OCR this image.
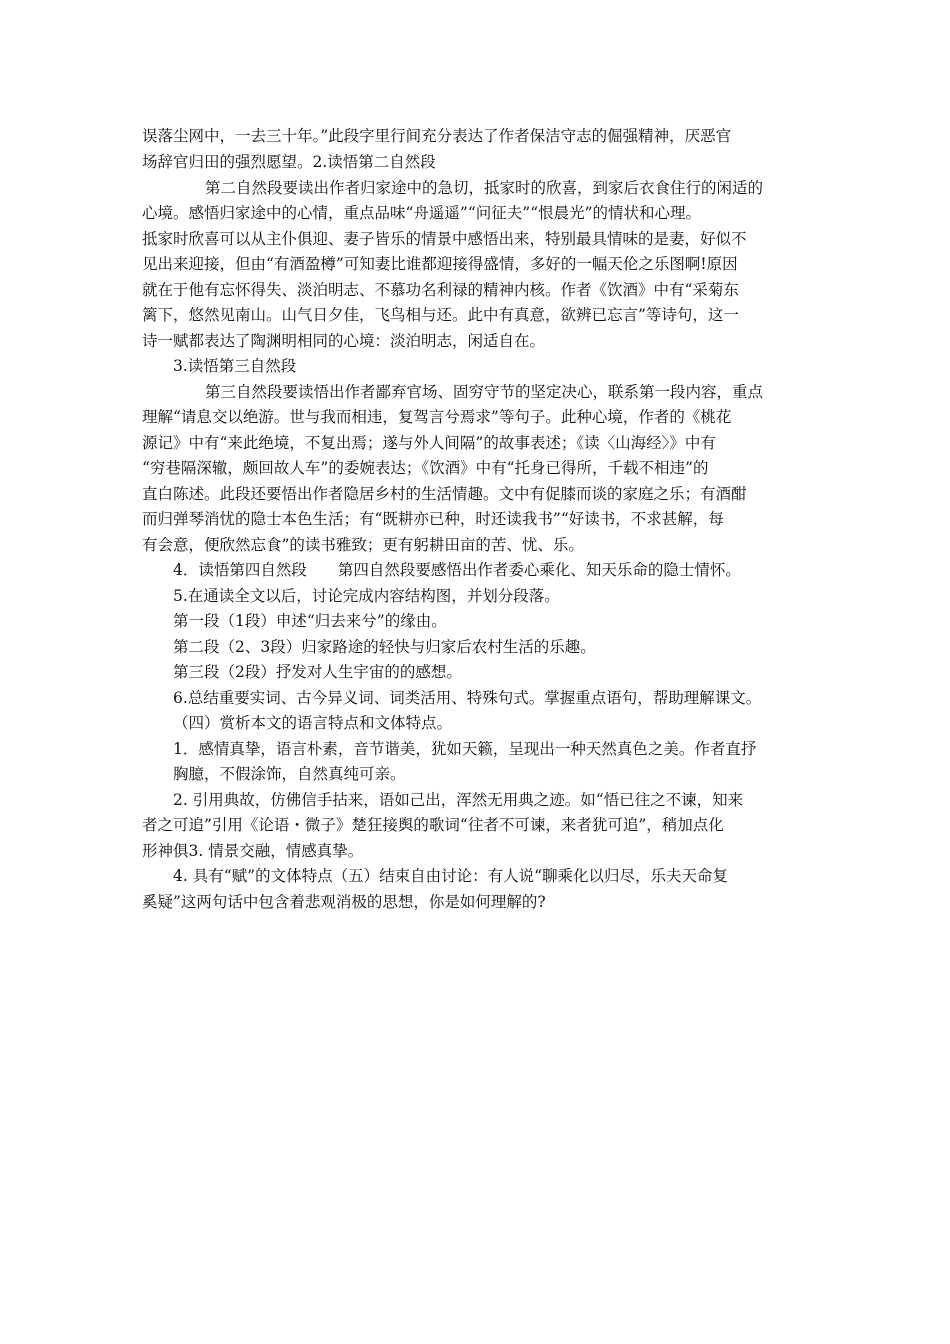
误落尘网中，一去三十年。”此段字里行间充分表达了作者保洁守志的倔强精神，厌恶官
场辞官归田的强烈愿望。2.读悟第二自然段
第二自然段要读出作者归家途中的急切，抵家时的欣喜，到家后衣食住行的闲适的
心境。感悟归家途中的心情，重点品味“舟遥遥”“问征夫”“恨晨光”的情状和心理。
抵家时欣喜可以从主仆俱迎、妻子皆乐的情景中感悟出来，特别最具情味的是妻，好似不
见出来迎接，但由“有酒盈樽”可知妻比谁都迎接得盛情，多好的一幅天伦之乐图啊!原因
就在于他有忘怀得失、淡泊明志、不慕功名利禄的精神内核。作者《饮酒》中有“采菊东
篱下，悠然见南山。山气日夕佳，飞鸟相与还。此中有真意，欲辨已忘言”等诗句，这一
诗一赋都表达了陶渊明相同的心境：淡泊明志，闲适自在。
3.读悟第三自然段
第三自然段要读悟出作者鄙弃官场、固穷守节的坚定决心，联系第一段内容，重点
理解“请息交以绝游。世与我而相违，复驾言兮焉求”等句子。此种心境，作者的《桃花
源记》中有“来此绝境，不复出焉；遂与外人间隔”的故事表述；《读〈山海经〉》中有
“穷巷隔深辙，颇回故人车”的委婉表达；《饮酒》中有“托身已得所，千载不相违”的
直白陈述。此段还要悟出作者隐居乡村的生活情趣。文中有促膝而谈的家庭之乐；有酒酣
而归弹琴消忧的隐士本色生活；有“既耕亦已种，时还读我书”“好读书，不求甚解，每
有会意，便欣然忘食”的读书雅致；更有躬耕田亩的苦、忧、乐。
4．读悟第四自然段　　第四自然段要感悟出作者委心乘化、知天乐命的隐士情怀。
5.在通读全文以后，讨论完成内容结构图，并划分段落。
第一段（1段）申述“归去来兮”的缘由。
第二段（2、3段）归家路途的轻快与归家后农村生活的乐趣。
第三段（2段）抒发对人生宇宙的的感想。
6.总结重要实词、古今异义词、词类活用、特殊句式。掌握重点语句，帮助理解课文。
（四）赏析本文的语言特点和文体特点。
1．感情真挚，语言朴素，音节谐美，犹如天籁，呈现出一种天然真色之美。作者直抒
胸臆，不假涂饰，自然真纯可亲。
2. 引用典故，仿佛信手拈来，语如己出，浑然无用典之迹。如“悟已往之不谏，知来
者之可追”引用《论语・微子》楚狂接舆的歌词“往者不可谏，来者犹可追”，稍加点化
形神俱3. 情景交融，情感真挚。
4. 具有“赋”的文体特点（五）结束自由讨论：有人说“聊乘化以归尽，乐夫天命复
奚疑”这两句话中包含着悲观消极的思想，你是如何理解的?
